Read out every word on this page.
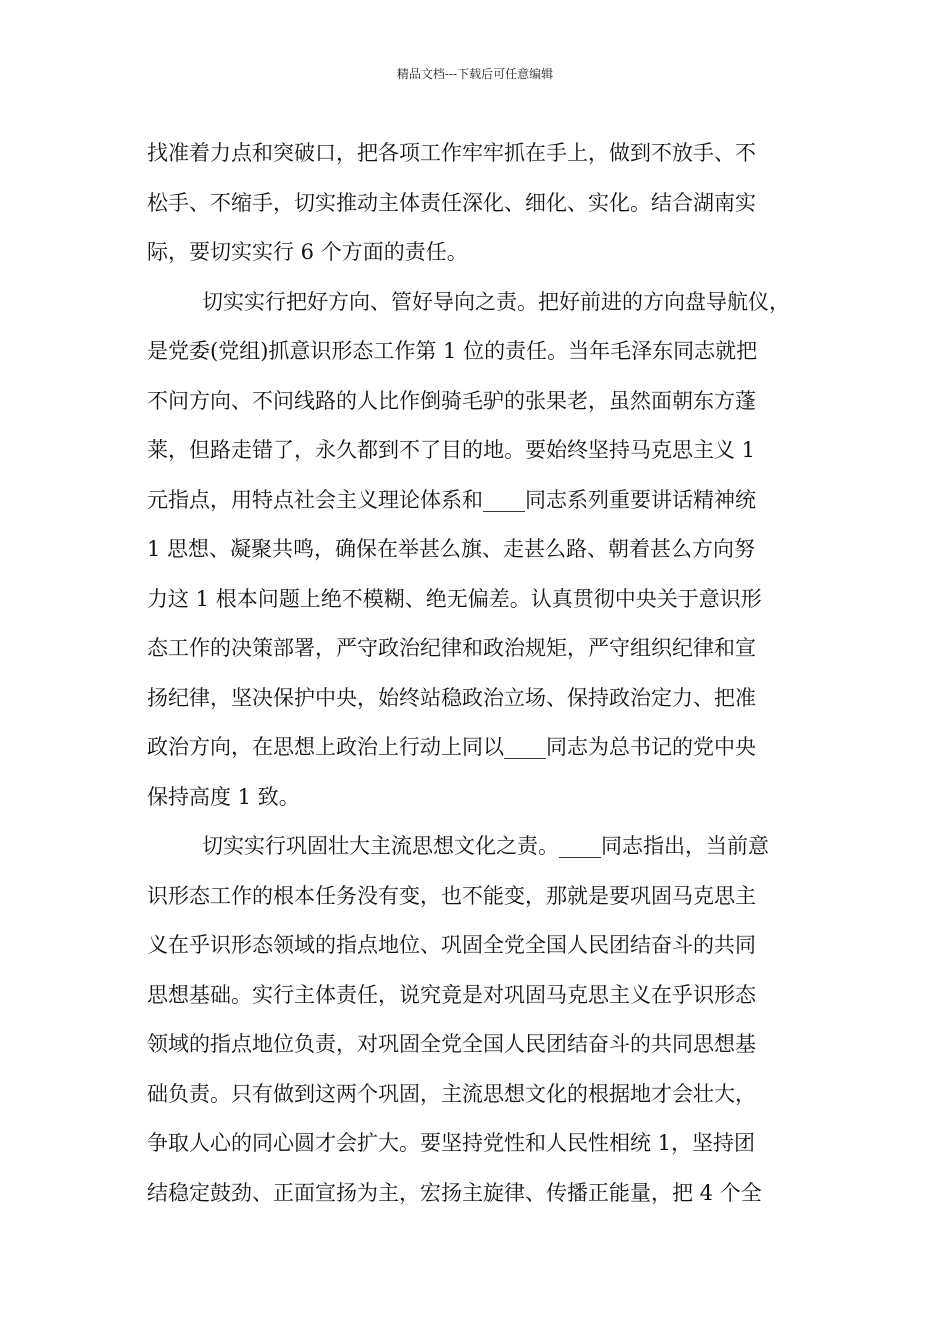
精品文档---下载后可任意编辑
找准着力点和突破口，把各项工作牢牢抓在手上，做到不放手、不
松手、不缩手，切实推动主体责任深化、细化、实化。结合湖南实
际，要切实实行 6 个方面的责任。
切实实行把好方向、管好导向之责。把好前进的方向盘导航仪，
是党委(党组)抓意识形态工作第 1 位的责任。当年毛泽东同志就把
不问方向、不问线路的人比作倒骑毛驴的张果老，虽然面朝东方蓬
莱，但路走错了，永久都到不了目的地。要始终坚持马克思主义 1
元指点，用特点社会主义理论体系和____同志系列重要讲话精神统
1 思想、凝聚共鸣，确保在举甚么旗、走甚么路、朝着甚么方向努
力这 1 根本问题上绝不模糊、绝无偏差。认真贯彻中央关于意识形
态工作的决策部署，严守政治纪律和政治规矩，严守组织纪律和宣
扬纪律，坚决保护中央，始终站稳政治立场、保持政治定力、把准
政治方向，在思想上政治上行动上同以____同志为总书记的党中央
保持高度 1 致。
切实实行巩固壮大主流思想文化之责。____同志指出，当前意
识形态工作的根本任务没有变，也不能变，那就是要巩固马克思主
义在乎识形态领域的指点地位、巩固全党全国人民团结奋斗的共同
思想基础。实行主体责任，说究竟是对巩固马克思主义在乎识形态
领域的指点地位负责，对巩固全党全国人民团结奋斗的共同思想基
础负责。只有做到这两个巩固，主流思想文化的根据地才会壮大，
争取人心的同心圆才会扩大。要坚持党性和人民性相统 1，坚持团
结稳定鼓劲、正面宣扬为主，宏扬主旋律、传播正能量，把 4 个全
